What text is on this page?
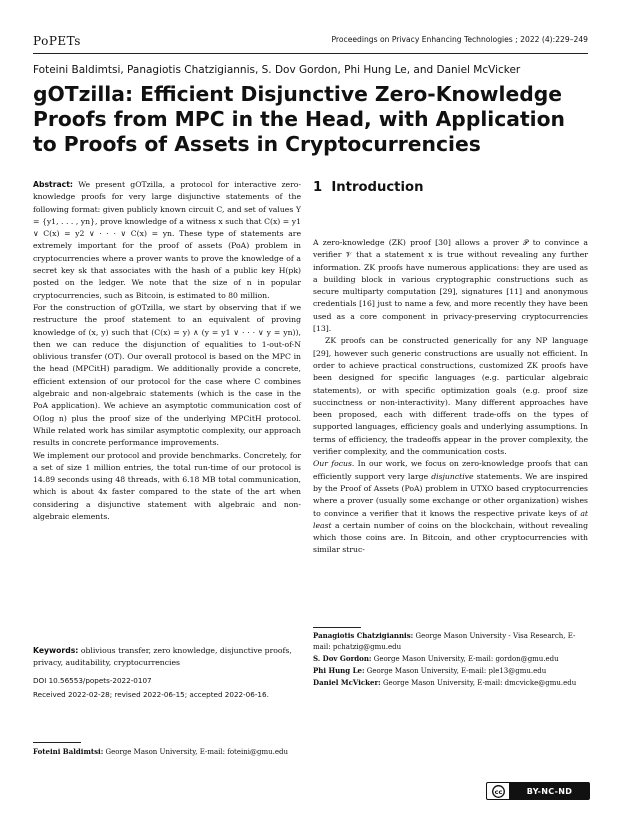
PoPETs	Proceedings on Privacy Enhancing Technologies ; 2022 (4):229–249
Foteini Baldimtsi, Panagiotis Chatzigiannis, S. Dov Gordon, Phi Hung Le, and Daniel McVicker
gOTzilla: Efficient Disjunctive Zero-Knowledge Proofs from MPC in the Head, with Application to Proofs of Assets in Cryptocurrencies

Abstract: We present gOTzilla, a protocol for interactive zero-knowledge proofs for very large disjunctive statements of the following format: given publicly known circuit C, and set of values Y = {y1, . . . , yn}, prove knowledge of a witness x such that C(x) = y1 ∨ C(x) = y2 ∨ · · · ∨ C(x) = yn. These type of statements are extremely important for the proof of assets (PoA) problem in cryptocurrencies where a prover wants to prove the knowledge of a secret key sk that associates with the hash of a public key H(pk) posted on the ledger. We note that the size of n in popular cryptocurrencies, such as Bitcoin, is estimated to 80 million.

For the construction of gOTzilla, we start by observing that if we restructure the proof statement to an equivalent of proving knowledge of (x, y) such that (C(x) = y) ∧ (y = y1 ∨ · · · ∨ y = yn)), then we can reduce the disjunction of equalities to 1-out-of-N oblivious transfer (OT). Our overall protocol is based on the MPC in the head (MPCitH) paradigm. We additionally provide a concrete, efficient extension of our protocol for the case where C combines algebraic and non-algebraic statements (which is the case in the PoA application). We achieve an asymptotic communication cost of O(log n) plus the proof size of the underlying MPCitH protocol. While related work has similar asymptotic complexity, our approach results in concrete performance improvements.

We implement our protocol and provide benchmarks. Concretely, for a set of size 1 million entries, the total run-time of our protocol is 14.89 seconds using 48 threads, with 6.18 MB total communication, which is about 4x faster compared to the state of the art when considering a disjunctive statement with algebraic and non-algebraic elements.

Keywords: oblivious transfer, zero knowledge, disjunctive proofs, privacy, auditability, cryptocurrencies
DOI 10.56553/popets-2022-0107
Received 2022-02-28; revised 2022-06-15; accepted 2022-06-16.
Foteini Baldimtsi: George Mason University, E-mail: foteini@gmu.edu
1 Introduction

A zero-knowledge (ZK) proof [30] allows a prover 𝒫 to convince a verifier 𝒱 that a statement x is true without revealing any further information. ZK proofs have numerous applications: they are used as a building block in various cryptographic constructions such as secure multiparty computation [29], signatures [11] and anonymous credentials [16] just to name a few, and more recently they have been used as a core component in privacy-preserving cryptocurrencies [13].

ZK proofs can be constructed generically for any NP language [29], however such generic constructions are usually not efficient. In order to achieve practical constructions, customized ZK proofs have been designed for specific languages (e.g. particular algebraic statements), or with specific optimization goals (e.g. proof size succinctness or non-interactivity). Many different approaches have been proposed, each with different trade-offs on the types of supported languages, efficiency goals and underlying assumptions. In terms of efficiency, the tradeoffs appear in the prover complexity, the verifier complexity, and the communication costs.

Our focus. In our work, we focus on zero-knowledge proofs that can efficiently support very large disjunctive statements. We are inspired by the Proof of Assets (PoA) problem in UTXO based cryptocurrencies where a prover (usually some exchange or other organization) wishes to convince a verifier that it knows the respective private keys of at least a certain number of coins on the blockchain, without revealing which those coins are. In Bitcoin, and other cryptocurrencies with similar struc-

Panagiotis Chatzigiannis: George Mason University - Visa Research, E-mail: pchatzig@gmu.edu
S. Dov Gordon: George Mason University, E-mail: gordon@gmu.edu
Phi Hung Le: George Mason University, E-mail: ple13@gmu.edu
Daniel McVicker: George Mason University, E-mail: dmcvicke@gmu.edu
cc	BY-NC-ND
